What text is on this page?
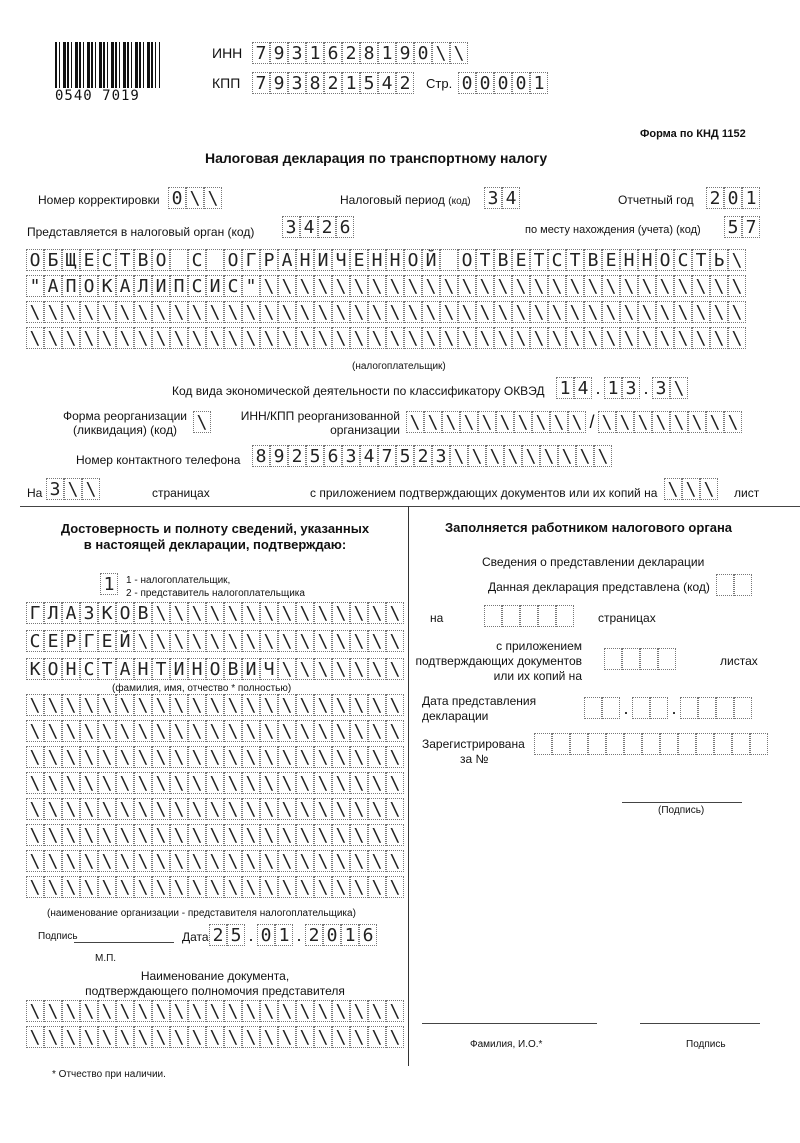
0540 7019
ИНН 7 9 3 1 6 2 8 1 9 0 \ \
КПП 7 9 3 8 2 1 5 4 2 Стр. 0 0 0 0 1
Форма по КНД 1152
Налоговая декларация по транспортному налогу
Номер корректировки 0 \ \	Налоговый период (код) 3 4	Отчетный год 2 0 1
Представляется в налоговый орган (код) 3 4 2 6	по месту нахождения (учета) (код) 5 7
О Б Щ Е С Т В О С О Г Р А Н И Ч Е Н Н О Й О Т В Е Т С Т В Е Н Н О С Т Ь \
" А П О К А Л И П С И С " \ \ \ \ \ \ \ \ \ \ \ \ \ \ \ \ \ \ \ \ \ \ \ \ \ \ \
\ \ \ \ \ \ \ \ \ \ \ \ \ \ \ \ \ \ \ \ \ \ \ \ \ \ \ \ \ \ \ \ \ \ \ \ \ \ \ \
\ \ \ \ \ \ \ \ \ \ \ \ \ \ \ \ \ \ \ \ \ \ \ \ \ \ \ \ \ \ \ \ \ \ \ \ \ \ \ \
(налогоплательщик)
Код вида экономической деятельности по классификатору ОКВЭД 1 4 . 1 3 . 3 \
Форма реорганизации
(ликвидация) (код)	\	ИНН/КПП реорганизованной
организации \ \ \ \ \ \ \ \ \ \ / \ \ \ \ \ \ \ \
Номер контактного телефона 8 9 2 5 6 3 4 7 5 2 3 \ \ \ \ \ \ \ \ \
На 3 \ \	страницах	с приложением подтверждающих документов или их копий на \ \ \ лист
Достоверность и полноту сведений, указанных
в настоящей декларации, подтверждаю:
1	1 - налогоплательщик,
2 - представитель налогоплательщика
Г Л А З К О В \ \ \ \ \ \ \ \ \ \ \ \ \ \
С Е Р Г Е Й \ \ \ \ \ \ \ \ \ \ \ \ \ \ \
К О Н С Т А Н Т И Н О В И Ч \ \ \ \ \ \ \
(фамилия, имя, отчество * полностью)
\ \ \ \ \ \ \ \ \ \ \ \ \ \ \ \ \ \ \ \ \
\ \ \ \ \ \ \ \ \ \ \ \ \ \ \ \ \ \ \ \ \
\ \ \ \ \ \ \ \ \ \ \ \ \ \ \ \ \ \ \ \ \
\ \ \ \ \ \ \ \ \ \ \ \ \ \ \ \ \ \ \ \ \
\ \ \ \ \ \ \ \ \ \ \ \ \ \ \ \ \ \ \ \ \
\ \ \ \ \ \ \ \ \ \ \ \ \ \ \ \ \ \ \ \ \
\ \ \ \ \ \ \ \ \ \ \ \ \ \ \ \ \ \ \ \ \
\ \ \ \ \ \ \ \ \ \ \ \ \ \ \ \ \ \ \ \ \
(наименование организации - представителя налогоплательщика)
Подпись	Дата 2 5 . 0 1 . 2 0 1 6
М.П.
Наименование документа,
подтверждающего полномочия представителя
\ \ \ \ \ \ \ \ \ \ \ \ \ \ \ \ \ \ \ \ \
\ \ \ \ \ \ \ \ \ \ \ \ \ \ \ \ \ \ \ \ \
* Отчество при наличии.
Заполняется работником налогового органа
Сведения о представлении декларации
Данная декларация представлена (код)
на	страницах
с приложением
подтверждающих документов
или их копий на
листах
Дата представления
декларации	. .
Зарегистрирована
за №
(Подпись)
Фамилия, И.О.*	Подпись
